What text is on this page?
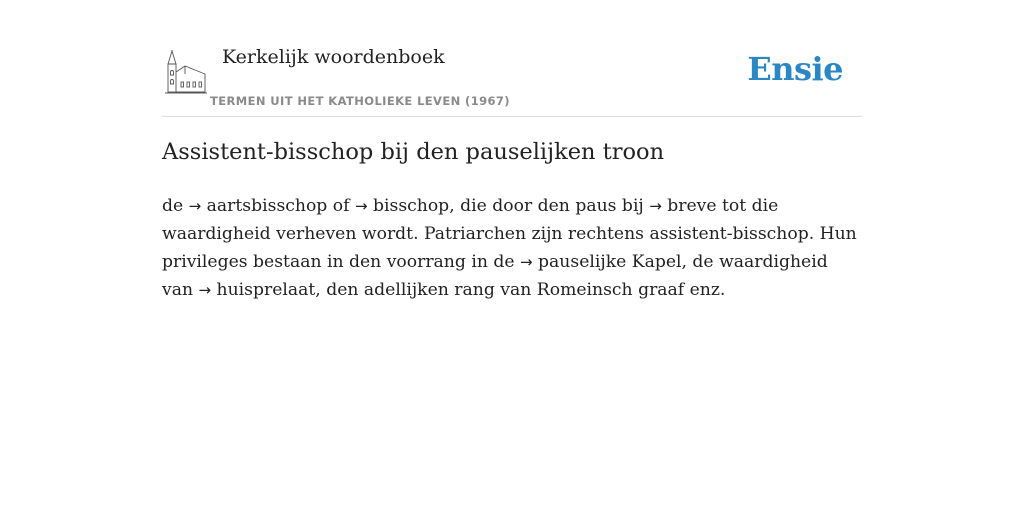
Kerkelijk woordenboek
TERMEN UIT HET KATHOLIEKE LEVEN (1967)
Ensie
Assistent-bisschop bij den pauselijken troon

de → aartsbisschop of → bisschop, die door den paus bij → breve tot die waardigheid verheven wordt. Patriarchen zijn rechtens assistent-bisschop. Hun privileges bestaan in den voorrang in de → pauselijke Kapel, de waardigheid van → huisprelaat, den adellijken rang van Romeinsch graaf enz.
